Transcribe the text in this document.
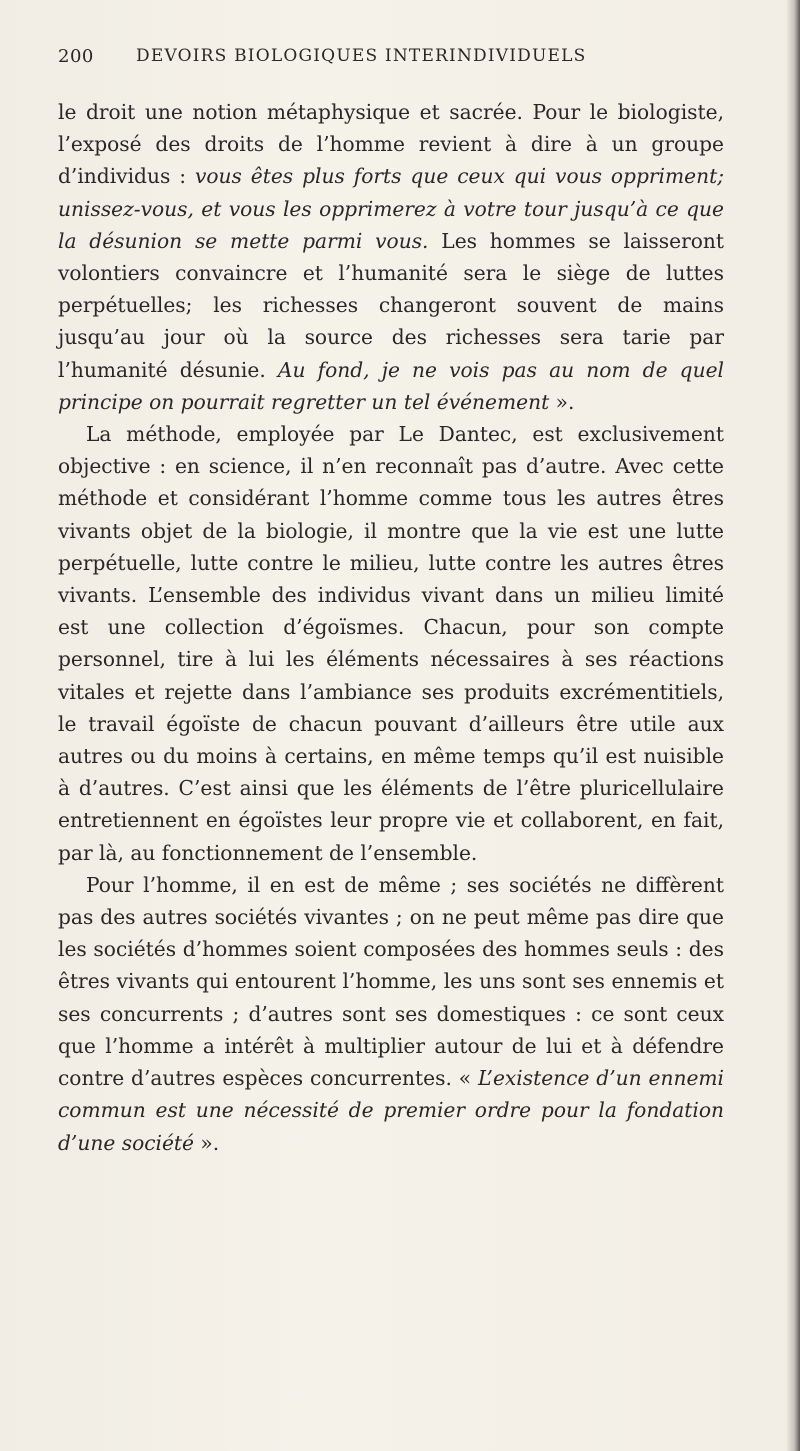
200 DEVOIRS BIOLOGIQUES INTERINDIVIDUELS

le droit une notion métaphysique et sacrée. Pour le biologiste, l’exposé des droits de l’homme revient à dire à un groupe d’individus : vous êtes plus forts que ceux qui vous oppriment; unissez-vous, et vous les opprimerez à votre tour jusqu’à ce que la désunion se mette parmi vous. Les hommes se laisseront volontiers convaincre et l’humanité sera le siège de luttes perpétuelles; les richesses changeront souvent de mains jusqu’au jour où la source des richesses sera tarie par l’humanité désunie. Au fond, je ne vois pas au nom de quel principe on pourrait regretter un tel événement ».

La méthode, employée par Le Dantec, est exclusivement objective : en science, il n’en reconnaît pas d’autre. Avec cette méthode et considérant l’homme comme tous les autres êtres vivants objet de la biologie, il montre que la vie est une lutte perpétuelle, lutte contre le milieu, lutte contre les autres êtres vivants. L’ensemble des individus vivant dans un milieu limité est une collection d’égoïsmes. Chacun, pour son compte personnel, tire à lui les éléments nécessaires à ses réactions vitales et rejette dans l’ambiance ses produits excrémentitiels, le travail égoïste de chacun pouvant d’ailleurs être utile aux autres ou du moins à certains, en même temps qu’il est nuisible à d’autres. C’est ainsi que les éléments de l’être pluricellulaire entretiennent en égoïstes leur propre vie et collaborent, en fait, par là, au fonctionnement de l’ensemble.

Pour l’homme, il en est de même ; ses sociétés ne diffèrent pas des autres sociétés vivantes ; on ne peut même pas dire que les sociétés d’hommes soient composées des hommes seuls : des êtres vivants qui entourent l’homme, les uns sont ses ennemis et ses concurrents ; d’autres sont ses domestiques : ce sont ceux que l’homme a intérêt à multiplier autour de lui et à défendre contre d’autres espèces concurrentes. « L’existence d’un ennemi commun est une nécessité de premier ordre pour la fondation d’une société ».
